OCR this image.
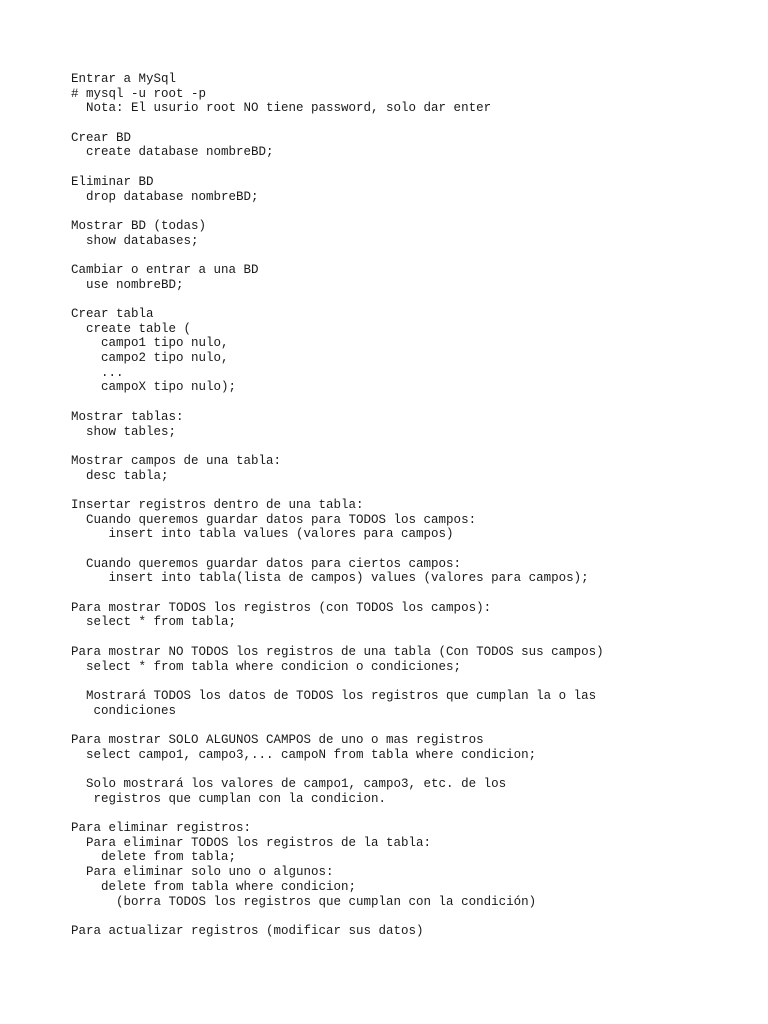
Entrar a MySql
# mysql -u root -p
Nota: El usurio root NO tiene password, solo dar enter
Crear BD
create database nombreBD;
Eliminar BD
drop database nombreBD;
Mostrar BD (todas)
show databases;
Cambiar o entrar a una BD
use nombreBD;
Crear tabla
create table (
campo1 tipo nulo,
campo2 tipo nulo,
...
campoX tipo nulo);
Mostrar tablas:
show tables;
Mostrar campos de una tabla:
desc tabla;
Insertar registros dentro de una tabla:
Cuando queremos guardar datos para TODOS los campos:
insert into tabla values (valores para campos)
Cuando queremos guardar datos para ciertos campos:
insert into tabla(lista de campos) values (valores para campos);
Para mostrar TODOS los registros (con TODOS los campos):
select * from tabla;
Para mostrar NO TODOS los registros de una tabla (Con TODOS sus campos)
select * from tabla where condicion o condiciones;
Mostrará TODOS los datos de TODOS los registros que cumplan la o las
condiciones
Para mostrar SOLO ALGUNOS CAMPOS de uno o mas registros
select campo1, campo3,... campoN from tabla where condicion;
Solo mostrará los valores de campo1, campo3, etc. de los
registros que cumplan con la condicion.
Para eliminar registros:
Para eliminar TODOS los registros de la tabla:
delete from tabla;
Para eliminar solo uno o algunos:
delete from tabla where condicion;
(borra TODOS los registros que cumplan con la condición)
Para actualizar registros (modificar sus datos)
